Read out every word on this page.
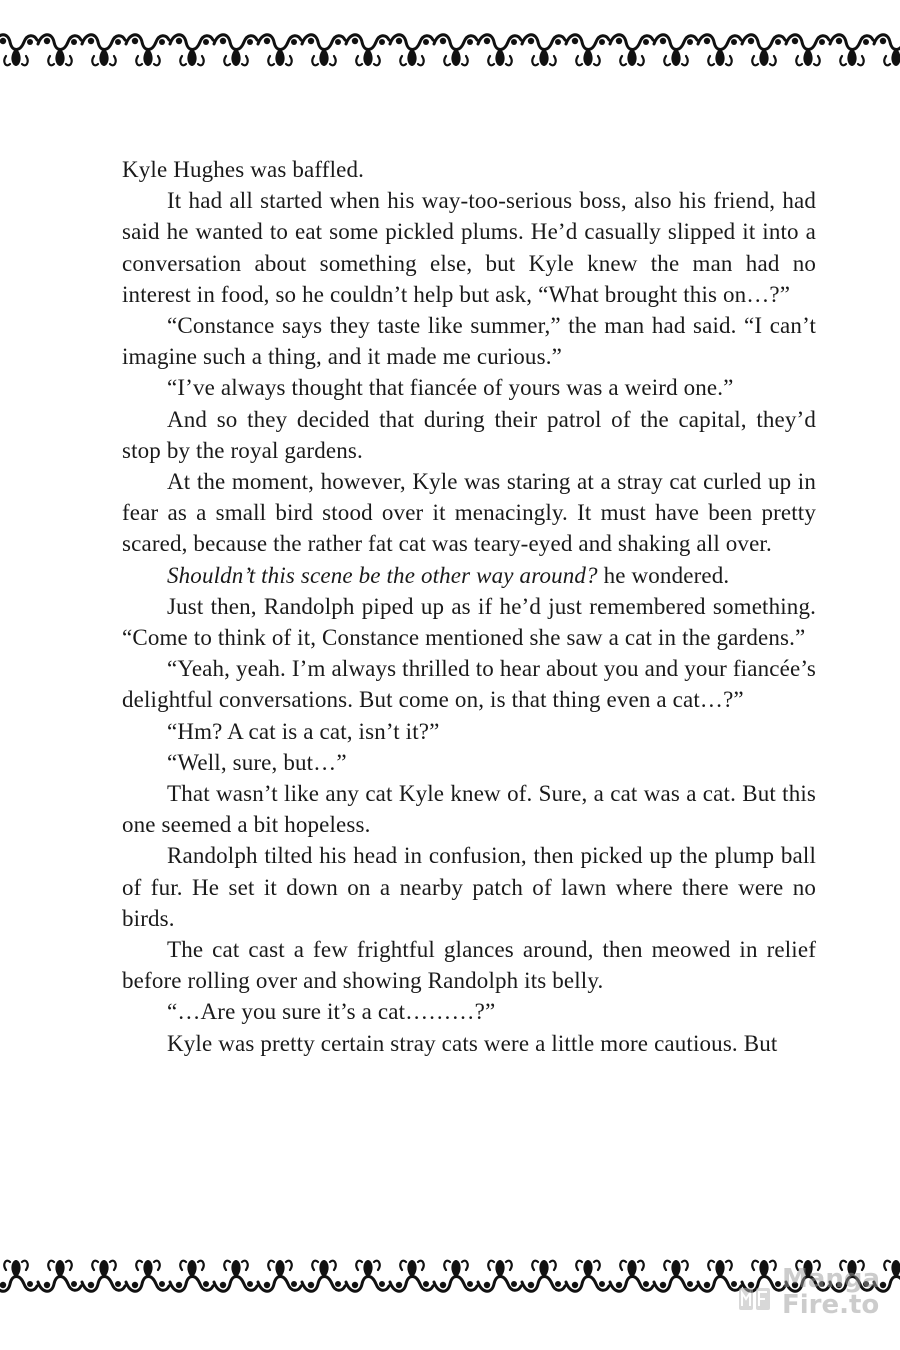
Kyle Hughes was baffled.

It had all started when his way-too-serious boss, also his friend, had said he wanted to eat some pickled plums. He’d casually slipped it into a conversation about something else, but Kyle knew the man had no interest in food, so he couldn’t help but ask, “What brought this on…?”

“Constance says they taste like summer,” the man had said. “I can’t imagine such a thing, and it made me curious.”

“I’ve always thought that fiancée of yours was a weird one.”

And so they decided that during their patrol of the capital, they’d stop by the royal gardens.

At the moment, however, Kyle was staring at a stray cat curled up in fear as a small bird stood over it menacingly. It must have been pretty scared, because the rather fat cat was teary-eyed and shaking all over.

Shouldn’t this scene be the other way around? he wondered.

Just then, Randolph piped up as if he’d just remembered something. “Come to think of it, Constance mentioned she saw a cat in the gardens.”

“Yeah, yeah. I’m always thrilled to hear about you and your fiancée’s delightful conversations. But come on, is that thing even a cat…?”

“Hm? A cat is a cat, isn’t it?”

“Well, sure, but…”

That wasn’t like any cat Kyle knew of. Sure, a cat was a cat. But this one seemed a bit hopeless.

Randolph tilted his head in confusion, then picked up the plump ball of fur. He set it down on a nearby patch of lawn where there were no birds.

The cat cast a few frightful glances around, then meowed in relief before rolling over and showing Randolph its belly.

“…Are you sure it’s a cat………?”

Kyle was pretty certain stray cats were a little more cautious. But

Manga
Fire.to
